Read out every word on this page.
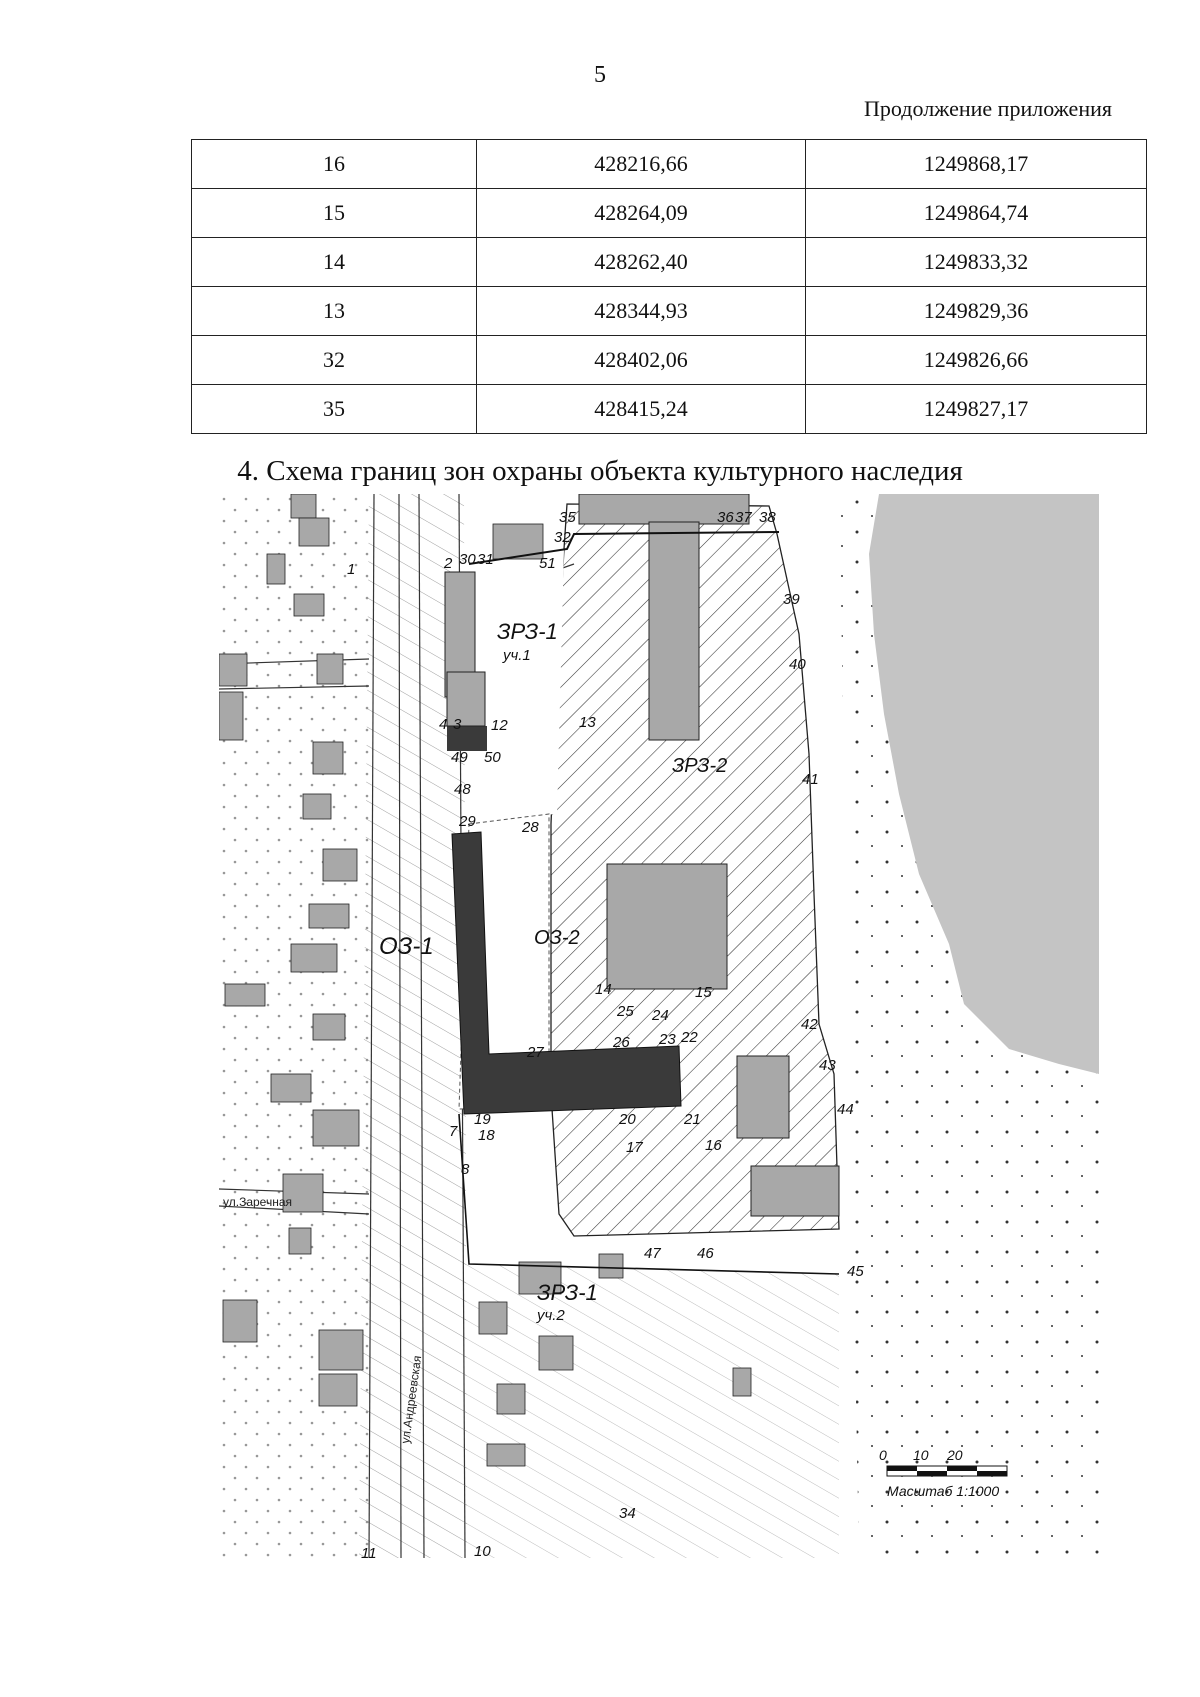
5
Продолжение приложения
16	428216,66	1249868,17
15	428264,09	1249864,74
14	428262,40	1249833,32
13	428344,93	1249829,36
32	428402,06	1249826,66
35	428415,24	1249827,17
4. Схема границ зон охраны объекта культурного наследия
ЗРЗ-1
уч.1
ЗРЗ-2
ОЗ-1	ОЗ-2
ЗРЗ-1
уч.2
ул.Андреевская
ул.Заречная
1	2
3
4
7
8
10
11
12	13
14	15
16
17
18
19	20	21
22
23
24
25
26
27
28
29
30 31
32
34
35	36 37 38
39
40
41
42
43
44
45
46
47
48
49 50
51
0 10 20
Масштаб 1:1000
